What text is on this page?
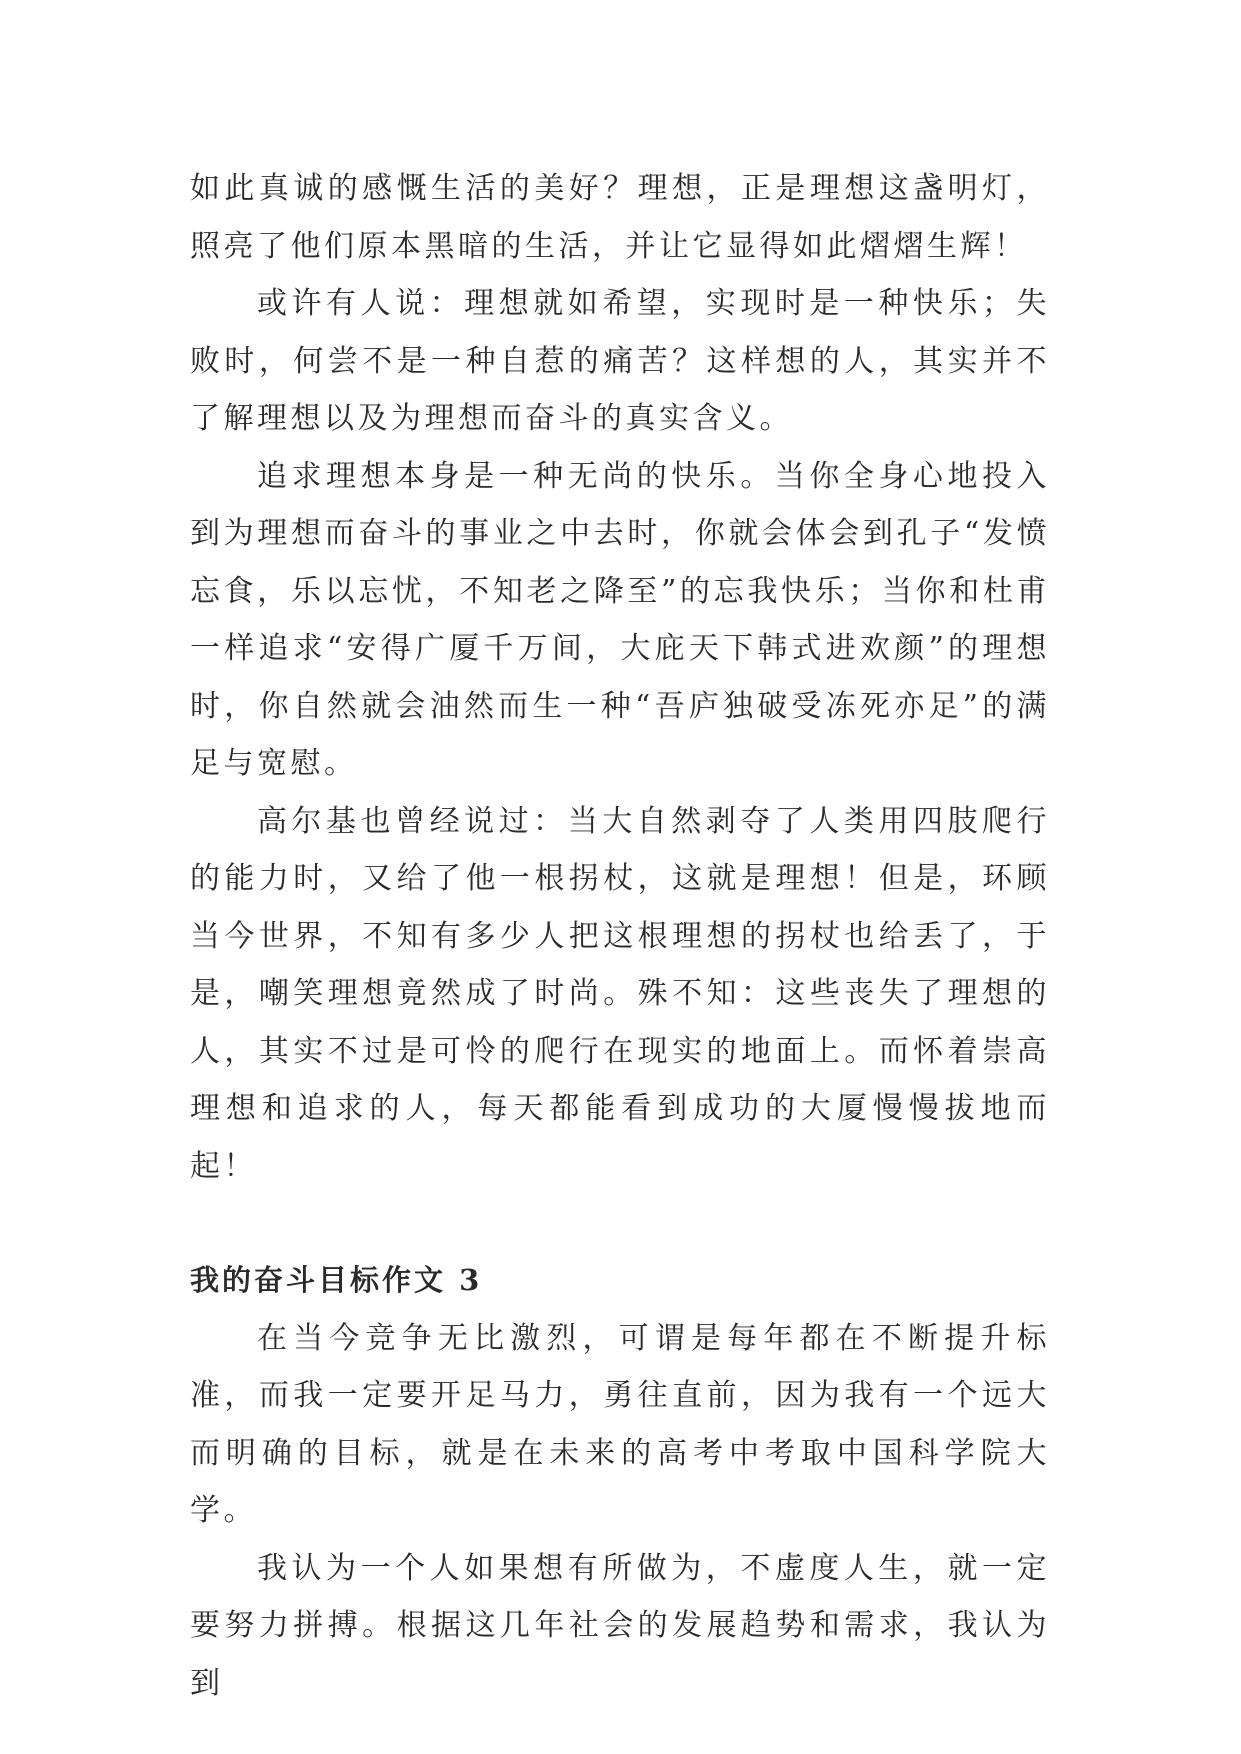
如此真诚的感慨生活的美好？理想，正是理想这盏明灯，照亮了他们原本黑暗的生活，并让它显得如此熠熠生辉！

或许有人说：理想就如希望，实现时是一种快乐；失败时，何尝不是一种自惹的痛苦？这样想的人，其实并不了解理想以及为理想而奋斗的真实含义。

追求理想本身是一种无尚的快乐。当你全身心地投入到为理想而奋斗的事业之中去时，你就会体会到孔子“发愤忘食，乐以忘忧，不知老之降至”的忘我快乐；当你和杜甫一样追求“安得广厦千万间，大庇天下韩式进欢颜”的理想时，你自然就会油然而生一种“吾庐独破受冻死亦足”的满足与宽慰。

高尔基也曾经说过：当大自然剥夺了人类用四肢爬行的能力时，又给了他一根拐杖，这就是理想！但是，环顾当今世界，不知有多少人把这根理想的拐杖也给丢了，于是，嘲笑理想竟然成了时尚。殊不知：这些丧失了理想的人，其实不过是可怜的爬行在现实的地面上。而怀着崇高理想和追求的人，每天都能看到成功的大厦慢慢拔地而起！

我的奋斗目标作文 3

在当今竞争无比激烈，可谓是每年都在不断提升标准，而我一定要开足马力，勇往直前，因为我有一个远大而明确的目标，就是在未来的高考中考取中国科学院大学。

我认为一个人如果想有所做为，不虚度人生，就一定要努力拼搏。根据这几年社会的发展趋势和需求，我认为到
